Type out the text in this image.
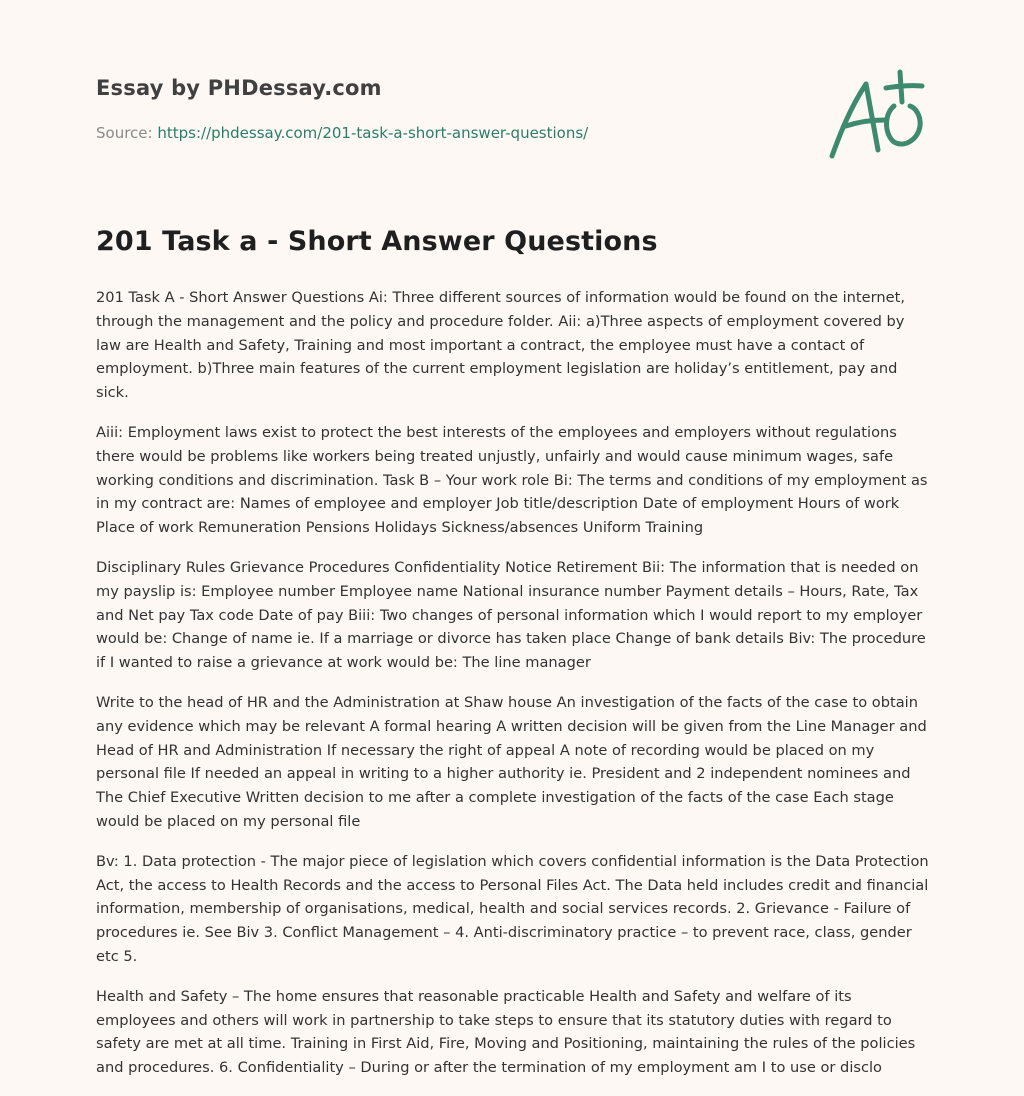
Essay by PHDessay.com
Source: https://phdessay.com/201-task-a-short-answer-questions/
201 Task a - Short Answer Questions

201 Task A - Short Answer Questions Ai: Three different sources of information would be found on the internet, through the management and the policy and procedure folder. Aii: a)Three aspects of employment covered by law are Health and Safety, Training and most important a contract, the employee must have a contact of employment. b)Three main features of the current employment legislation are holiday’s entitlement, pay and sick.

Aiii: Employment laws exist to protect the best interests of the employees and employers without regulations there would be problems like workers being treated unjustly, unfairly and would cause minimum wages, safe working conditions and discrimination. Task B – Your work role Bi: The terms and conditions of my employment as in my contract are: Names of employee and employer Job title/description Date of employment Hours of work Place of work Remuneration Pensions Holidays Sickness/absences Uniform Training

Disciplinary Rules Grievance Procedures Confidentiality Notice Retirement Bii: The information that is needed on my payslip is: Employee number Employee name National insurance number Payment details – Hours, Rate, Tax and Net pay Tax code Date of pay Biii: Two changes of personal information which I would report to my employer would be: Change of name ie. If a marriage or divorce has taken place Change of bank details Biv: The procedure if I wanted to raise a grievance at work would be: The line manager

Write to the head of HR and the Administration at Shaw house An investigation of the facts of the case to obtain any evidence which may be relevant A formal hearing A written decision will be given from the Line Manager and Head of HR and Administration If necessary the right of appeal A note of recording would be placed on my personal file If needed an appeal in writing to a higher authority ie. President and 2 independent nominees and The Chief Executive Written decision to me after a complete investigation of the facts of the case Each stage would be placed on my personal file

Bv: 1. Data protection - The major piece of legislation which covers confidential information is the Data Protection Act, the access to Health Records and the access to Personal Files Act. The Data held includes credit and financial information, membership of organisations, medical, health and social services records. 2. Grievance - Failure of procedures ie. See Biv 3. Conflict Management – 4. Anti-discriminatory practice – to prevent race, class, gender etc 5.

Health and Safety – The home ensures that reasonable practicable Health and Safety and welfare of its employees and others will work in partnership to take steps to ensure that its statutory duties with regard to safety are met at all time. Training in First Aid, Fire, Moving and Positioning, maintaining the rules of the policies and procedures. 6. Confidentiality – During or after the termination of my employment am I to use or disclo
